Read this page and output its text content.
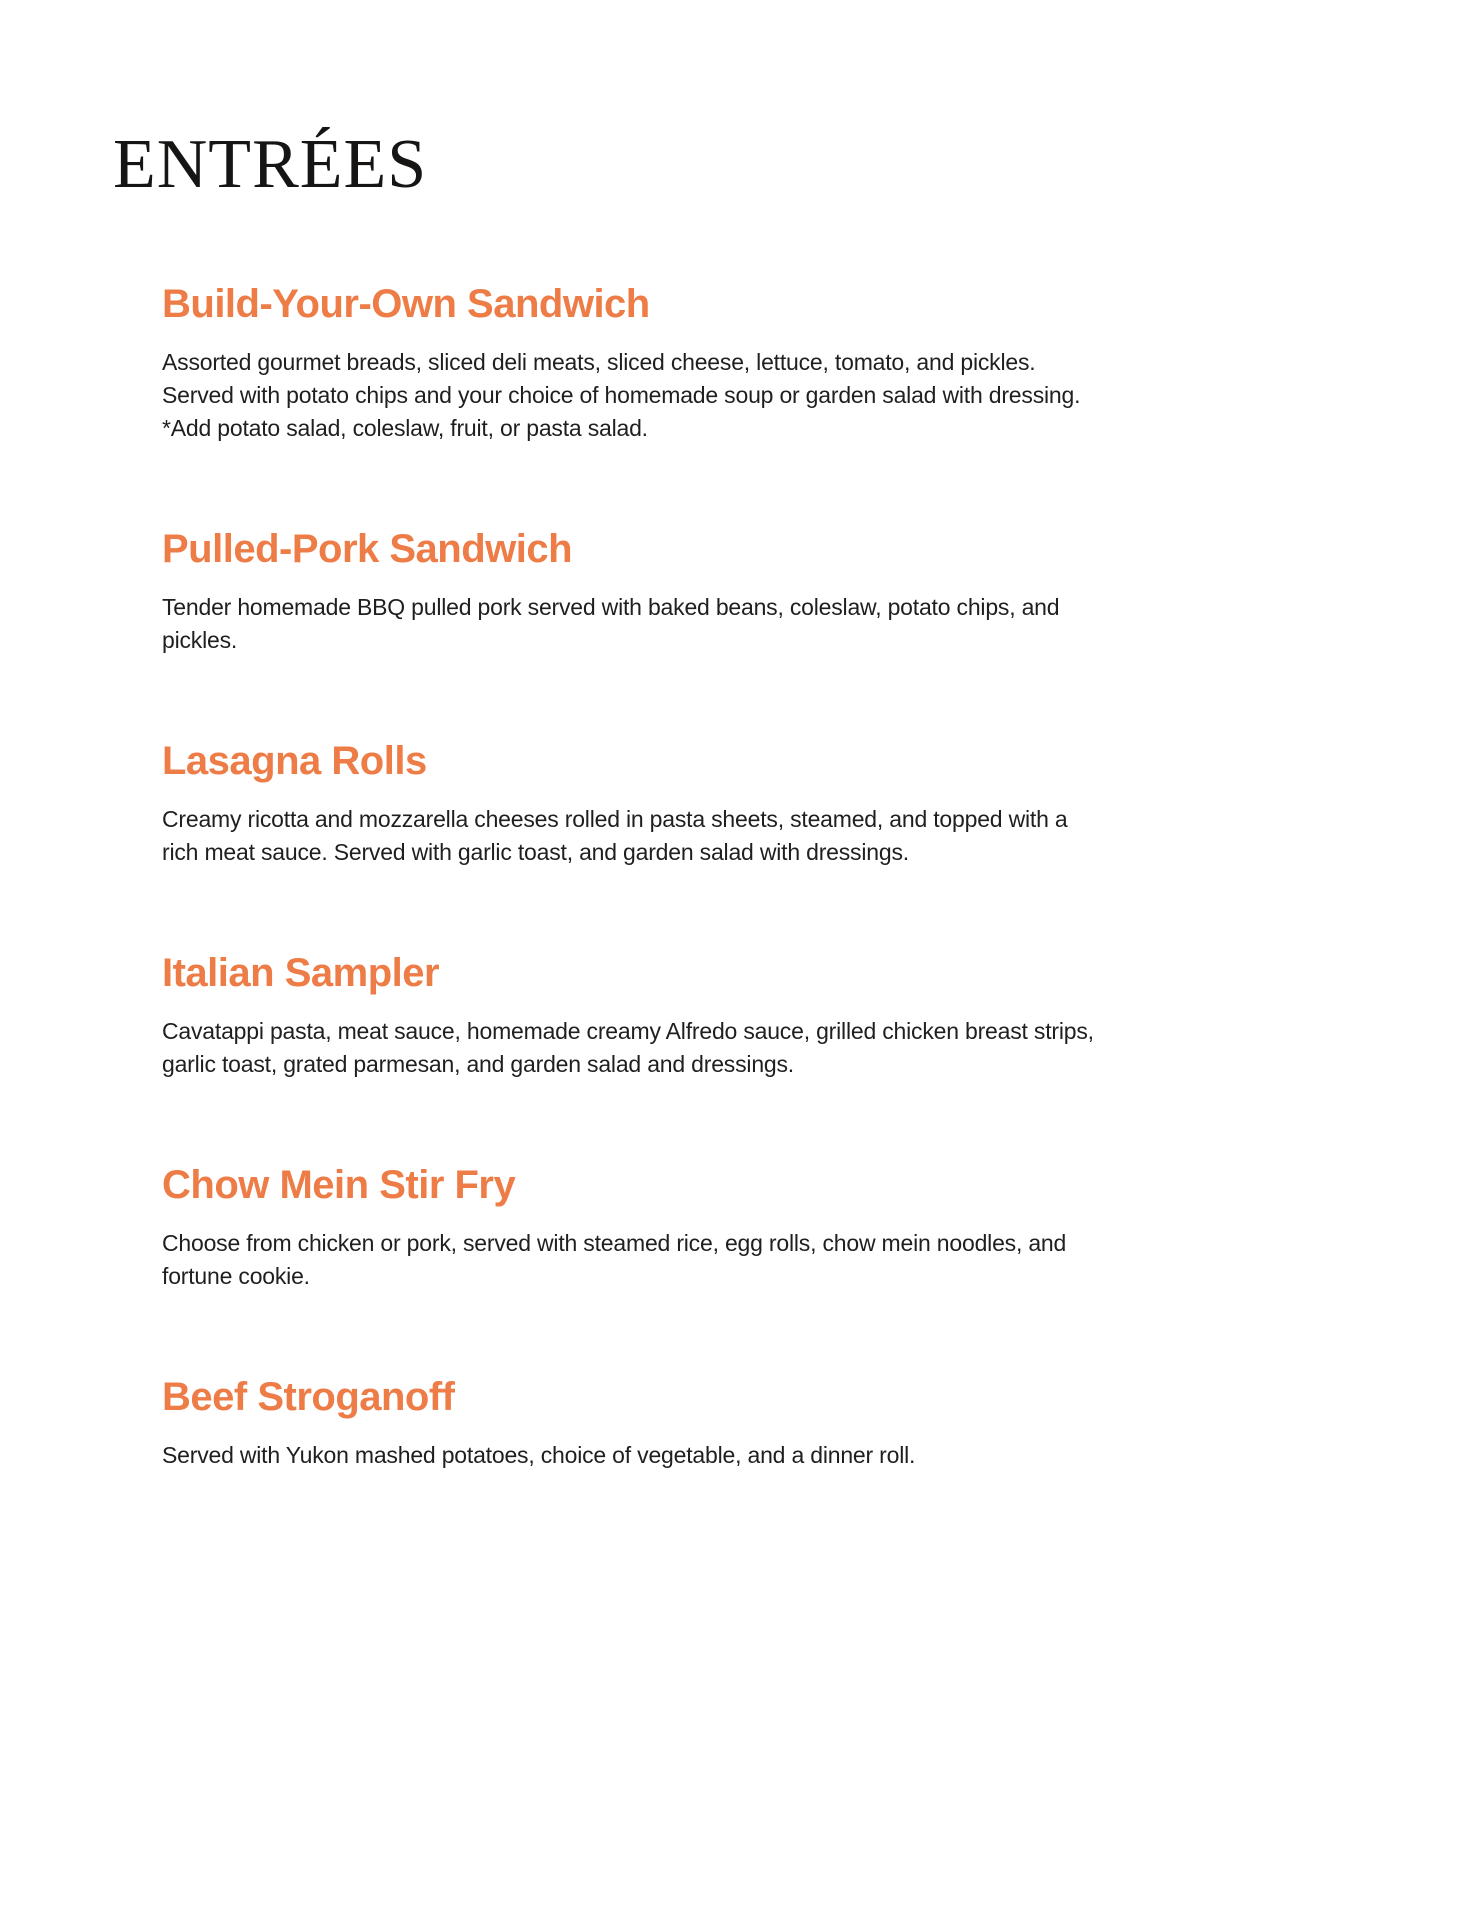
ENTRÉES
Build-Your-Own Sandwich

Assorted gourmet breads, sliced deli meats, sliced cheese, lettuce, tomato, and pickles. Served with potato chips and your choice of homemade soup or garden salad with dressing.

*Add potato salad, coleslaw, fruit, or pasta salad.

Pulled-Pork Sandwich

Tender homemade BBQ pulled pork served with baked beans, coleslaw, potato chips, and pickles.

Lasagna Rolls

Creamy ricotta and mozzarella cheeses rolled in pasta sheets, steamed, and topped with a rich meat sauce. Served with garlic toast, and garden salad with dressings.

Italian Sampler

Cavatappi pasta, meat sauce, homemade creamy Alfredo sauce, grilled chicken breast strips, garlic toast, grated parmesan, and garden salad and dressings.

Chow Mein Stir Fry

Choose from chicken or pork, served with steamed rice, egg rolls, chow mein noodles, and fortune cookie.

Beef Stroganoff

Served with Yukon mashed potatoes, choice of vegetable, and a dinner roll.
